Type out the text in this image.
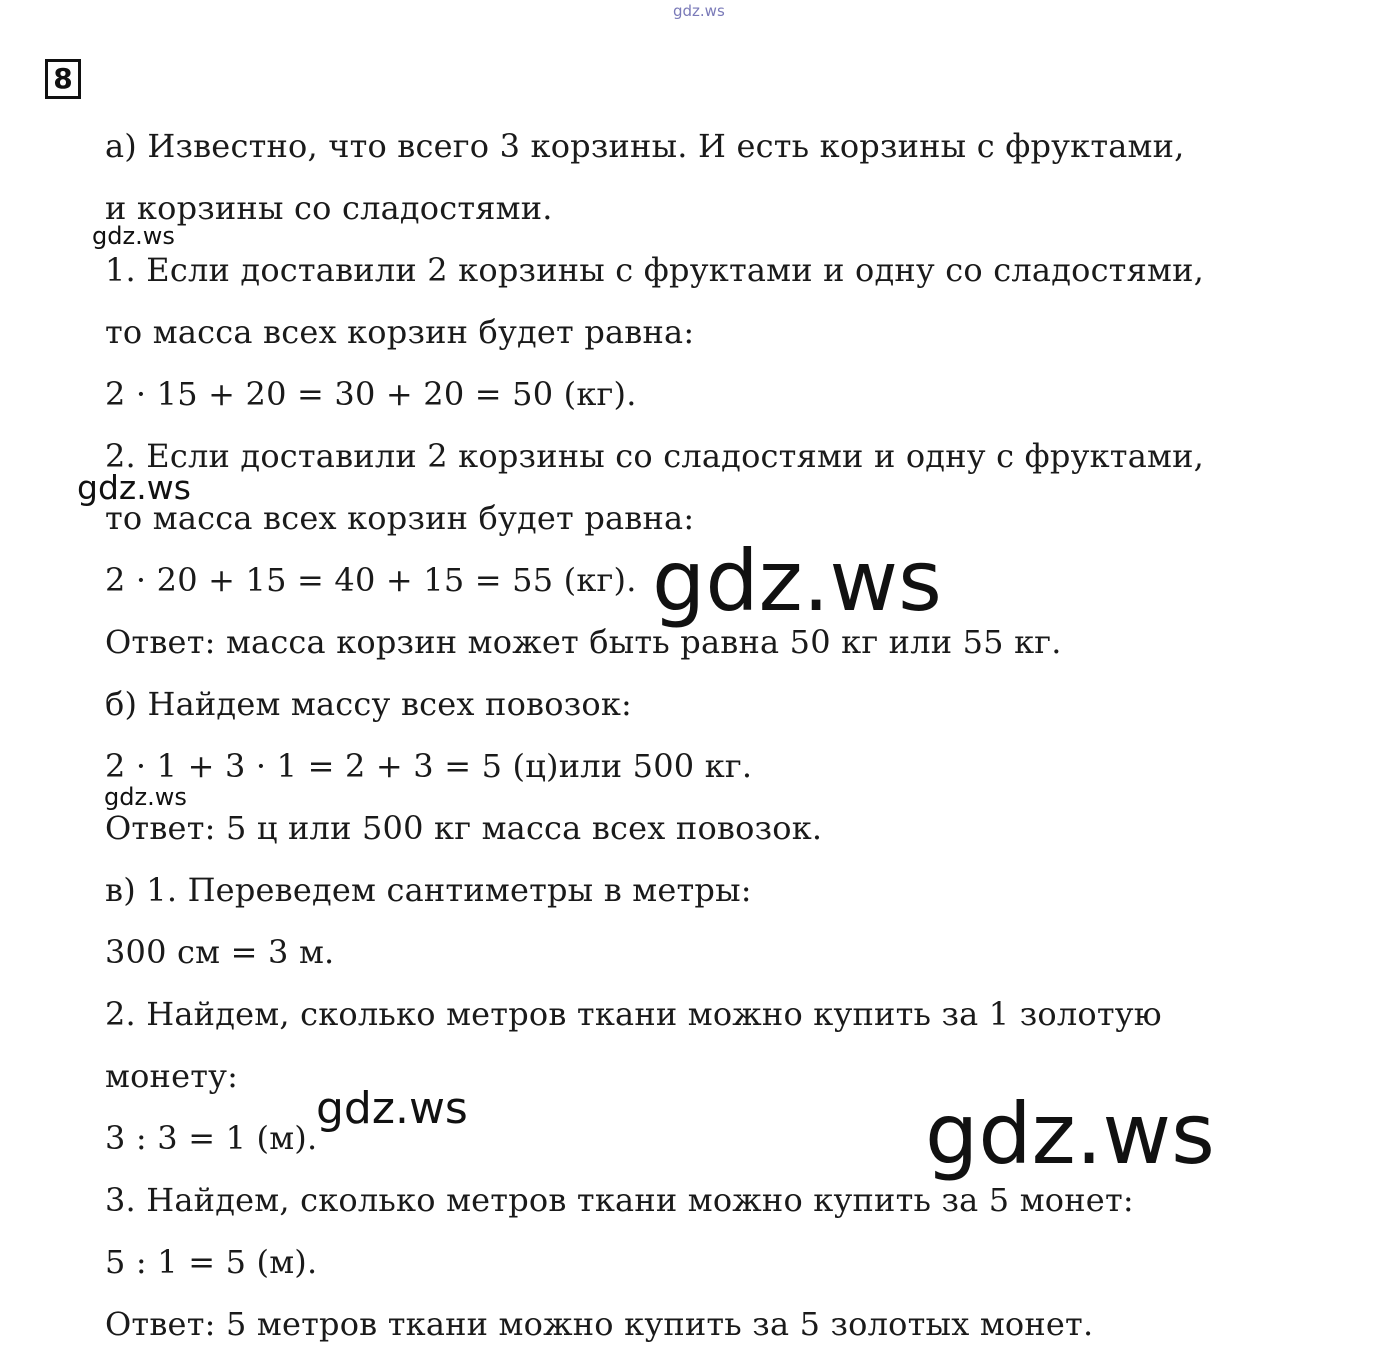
8
gdz.ws
а) Известно, что всего 3 корзины. И есть корзины с фруктами,
и корзины со сладостями.
1. Если доставили 2 корзины с фруктами и одну со сладостями,
то масса всех корзин будет равна:
2 · 15 + 20 = 30 + 20 = 50 (кг).
2. Если доставили 2 корзины со сладостями и одну с фруктами,
то масса всех корзин будет равна:
2 · 20 + 15 = 40 + 15 = 55 (кг).
Ответ: масса корзин может быть равна 50 кг или 55 кг.
б) Найдем массу всех повозок:
2 · 1 + 3 · 1 = 2 + 3 = 5 (ц)или 500 кг.
Ответ: 5 ц или 500 кг масса всех повозок.
в) 1. Переведем сантиметры в метры:
300 см = 3 м.
2. Найдем, сколько метров ткани можно купить за 1 золотую
монету:
3 : 3 = 1 (м).
3. Найдем, сколько метров ткани можно купить за 5 монет:
5 : 1 = 5 (м).
Ответ: 5 метров ткани можно купить за 5 золотых монет.
gdz.ws
gdz.ws
gdz.ws
gdz.ws
gdz.ws	gdz.ws
